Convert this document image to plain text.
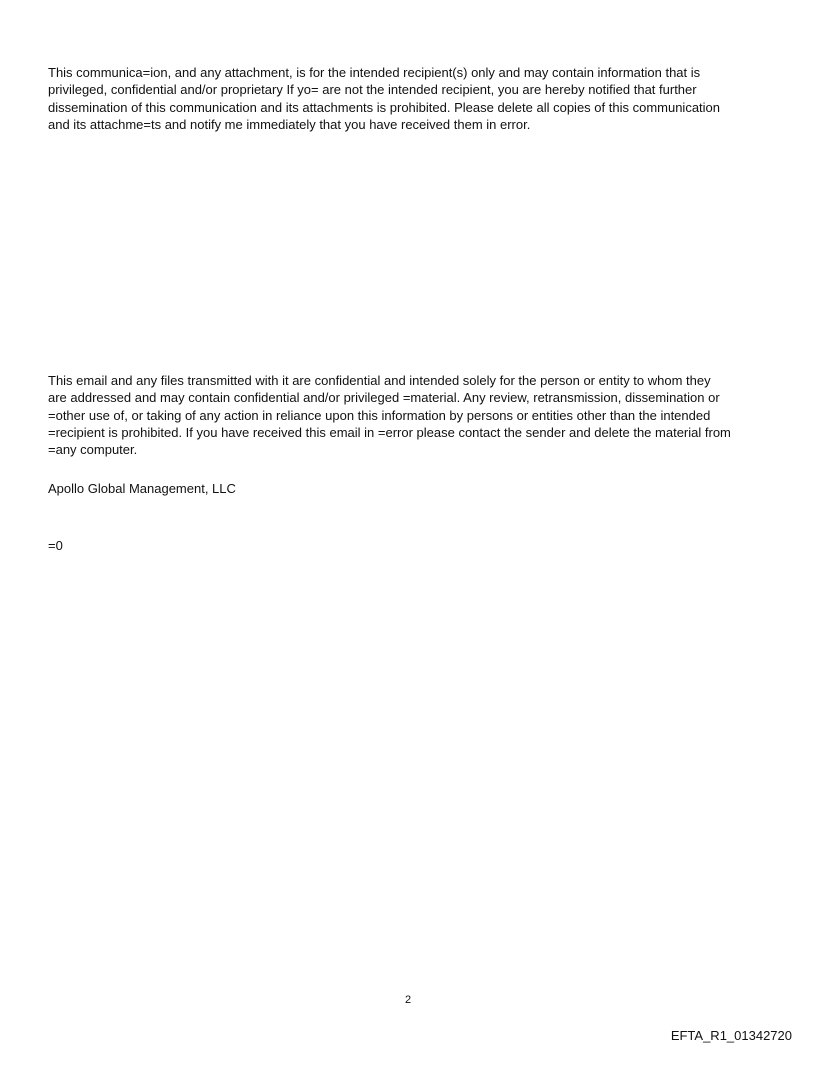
This communica=ion, and any attachment, is for the intended recipient(s) only and may contain information that is
privileged, confidential and/or proprietary If yo= are not the intended recipient, you are hereby notified that further
dissemination of this communication and its attachments is prohibited. Please delete all copies of this communication
and its attachme=ts and notify me immediately that you have received them in error.

This email and any files transmitted with it are confidential and intended solely for the person or entity to whom they
are addressed and may contain confidential and/or privileged =material. Any review, retransmission, dissemination or
=other use of, or taking of any action in reliance upon this information by persons or entities other than the intended
=recipient is prohibited. If you have received this email in =error please contact the sender and delete the material from
=any computer.

Apollo Global Management, LLC

=0

2
EFTA_R1_01342720
